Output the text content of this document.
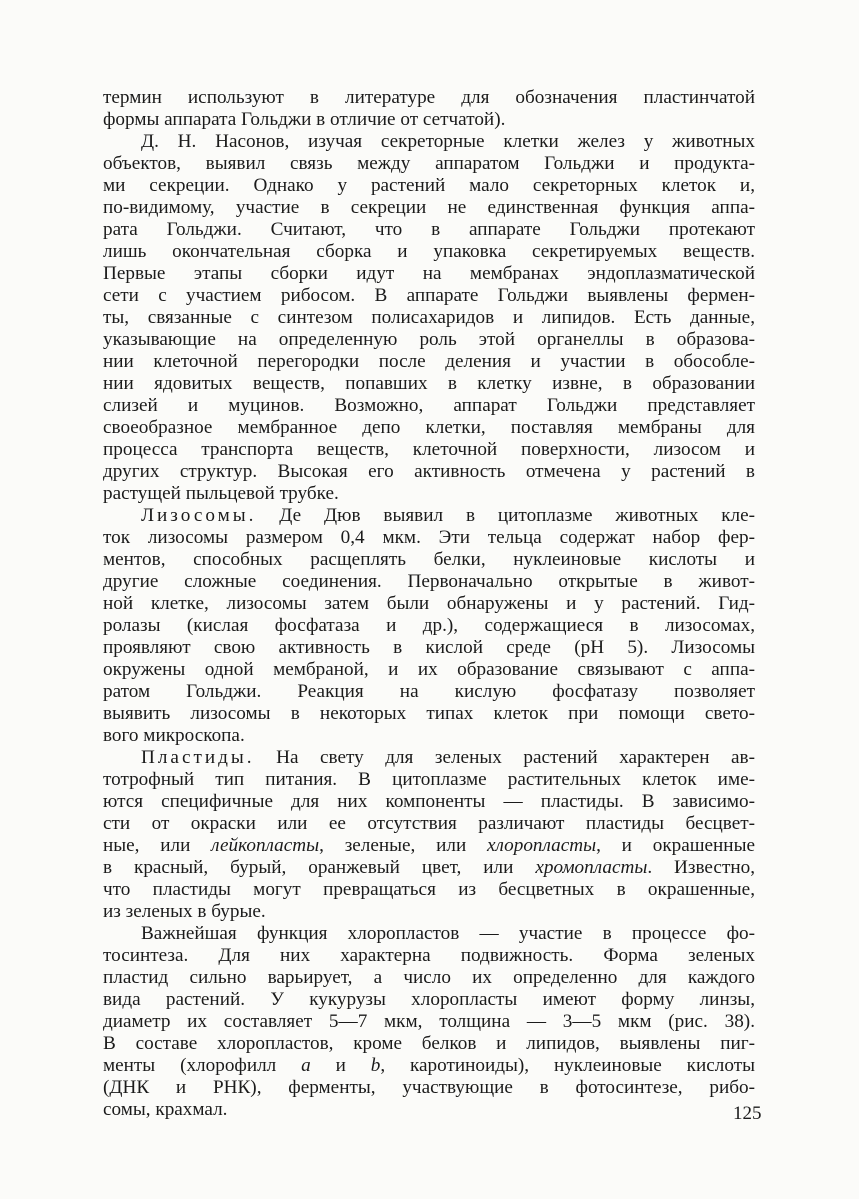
термин используют в литературе для обозначения пластинчатой
формы аппарата Гольджи в отличие от сетчатой).

Д. Н. Насонов, изучая секреторные клетки желез у животных
объектов, выявил связь между аппаратом Гольджи и продукта-
ми секреции. Однако у растений мало секреторных клеток и,
по-видимому, участие в секреции не единственная функция аппа-
рата Гольджи. Считают, что в аппарате Гольджи протекают
лишь окончательная сборка и упаковка секретируемых веществ.
Первые этапы сборки идут на мембранах эндоплазматической
сети с участием рибосом. В аппарате Гольджи выявлены фермен-
ты, связанные с синтезом полисахаридов и липидов. Есть данные,
указывающие на определенную роль этой органеллы в образова-
нии клеточной перегородки после деления и участии в обособле-
нии ядовитых веществ, попавших в клетку извне, в образовании
слизей и муцинов. Возможно, аппарат Гольджи представляет
своеобразное мембранное депо клетки, поставляя мембраны для
процесса транспорта веществ, клеточной поверхности, лизосом и
других структур. Высокая его активность отмечена у растений в
растущей пыльцевой трубке.

Лизосомы. Де Дюв выявил в цитоплазме животных кле-
ток лизосомы размером 0,4 мкм. Эти тельца содержат набор фер-
ментов, способных расщеплять белки, нуклеиновые кислоты и
другие сложные соединения. Первоначально открытые в живот-
ной клетке, лизосомы затем были обнаружены и у растений. Гид-
ролазы (кислая фосфатаза и др.), содержащиеся в лизосомах,
проявляют свою активность в кислой среде (pH 5). Лизосомы
окружены одной мембраной, и их образование связывают с аппа-
ратом Гольджи. Реакция на кислую фосфатазу позволяет
выявить лизосомы в некоторых типах клеток при помощи свето-
вого микроскопа.

Пластиды. На свету для зеленых растений характерен ав-
тотрофный тип питания. В цитоплазме растительных клеток име-
ются специфичные для них компоненты — пластиды. В зависимо-
сти от окраски или ее отсутствия различают пластиды бесцвет-
ные, или лейкопласты, зеленые, или хлоропласты, и окрашенные
в красный, бурый, оранжевый цвет, или хромопласты. Известно,
что пластиды могут превращаться из бесцветных в окрашенные,
из зеленых в бурые.

Важнейшая функция хлоропластов — участие в процессе фо-
тосинтеза. Для них характерна подвижность. Форма зеленых
пластид сильно варьирует, а число их определенно для каждого
вида растений. У кукурузы хлоропласты имеют форму линзы,
диаметр их составляет 5—7 мкм, толщина — 3—5 мкм (рис. 38).
В составе хлоропластов, кроме белков и липидов, выявлены пиг-
менты (хлорофилл a и b, каротиноиды), нуклеиновые кислоты
(ДНК и РНК), ферменты, участвующие в фотосинтезе, рибо-
сомы, крахмал.	125
